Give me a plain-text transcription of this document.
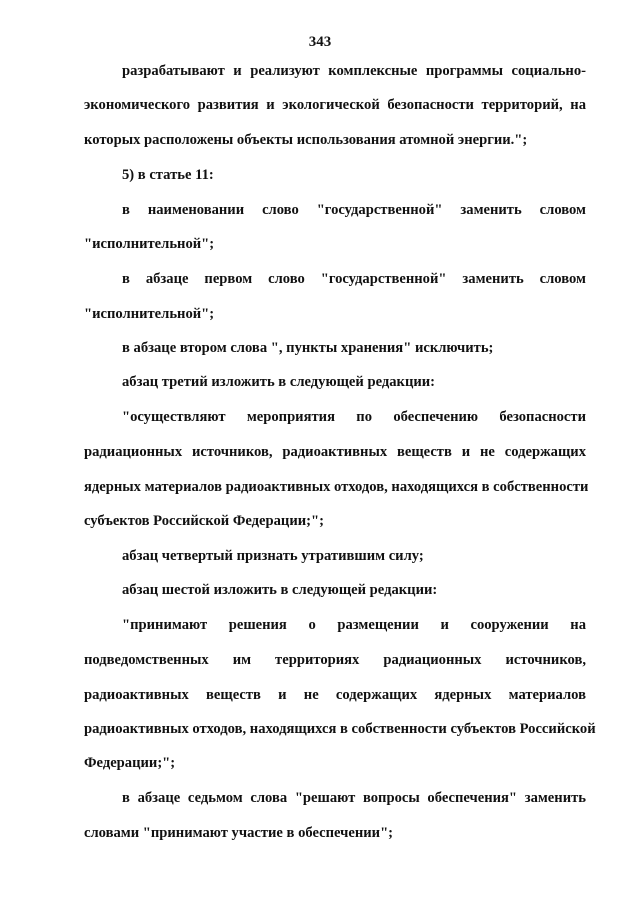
343
разрабатывают и реализуют комплексные программы социально-
экономического развития и экологической безопасности территорий, на
которых расположены объекты использования атомной энергии.";
5) в статье 11:
в наименовании слово "государственной" заменить словом
"исполнительной";
в абзаце первом слово "государственной" заменить словом
"исполнительной";
в абзаце втором слова ", пункты хранения" исключить;
абзац третий изложить в следующей редакции:
"осуществляют мероприятия по обеспечению безопасности
радиационных источников, радиоактивных веществ и не содержащих
ядерных материалов радиоактивных отходов, находящихся в собственности
субъектов Российской Федерации;";
абзац четвертый признать утратившим силу;
абзац шестой изложить в следующей редакции:
"принимают решения о размещении и сооружении на
подведомственных им территориях радиационных источников,
радиоактивных веществ и не содержащих ядерных материалов
радиоактивных отходов, находящихся в собственности субъектов Российской
Федерации;";
в абзаце седьмом слова "решают вопросы обеспечения" заменить
словами "принимают участие в обеспечении";
